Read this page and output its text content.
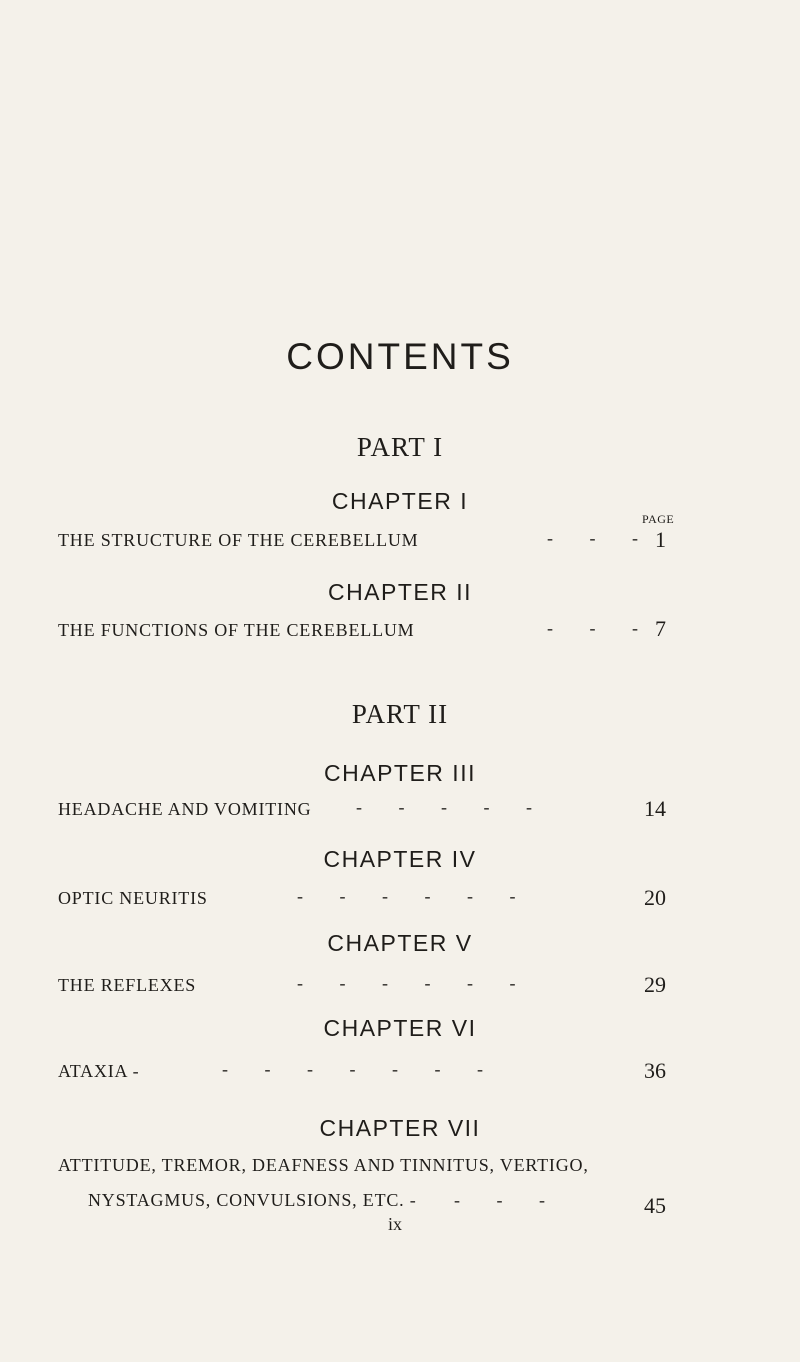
CONTENTS
PART I
CHAPTER I
PAGE
THE STRUCTURE OF THE CEREBELLUM	- - - 1
CHAPTER II
THE FUNCTIONS OF THE CEREBELLUM	- - - 7
PART II
CHAPTER III
HEADACHE AND VOMITING - - - - -	14
CHAPTER IV
OPTIC NEURITIS	- - - - - -	20
CHAPTER V
THE REFLEXES	- - - - - -	29
CHAPTER VI
ATAXIA -	- - - - - - -	36
CHAPTER VII
ATTITUDE, TREMOR, DEAFNESS AND TINNITUS, VERTIGO,
NYSTAGMUS, CONVULSIONS, ETC. - - - -	45
ix
